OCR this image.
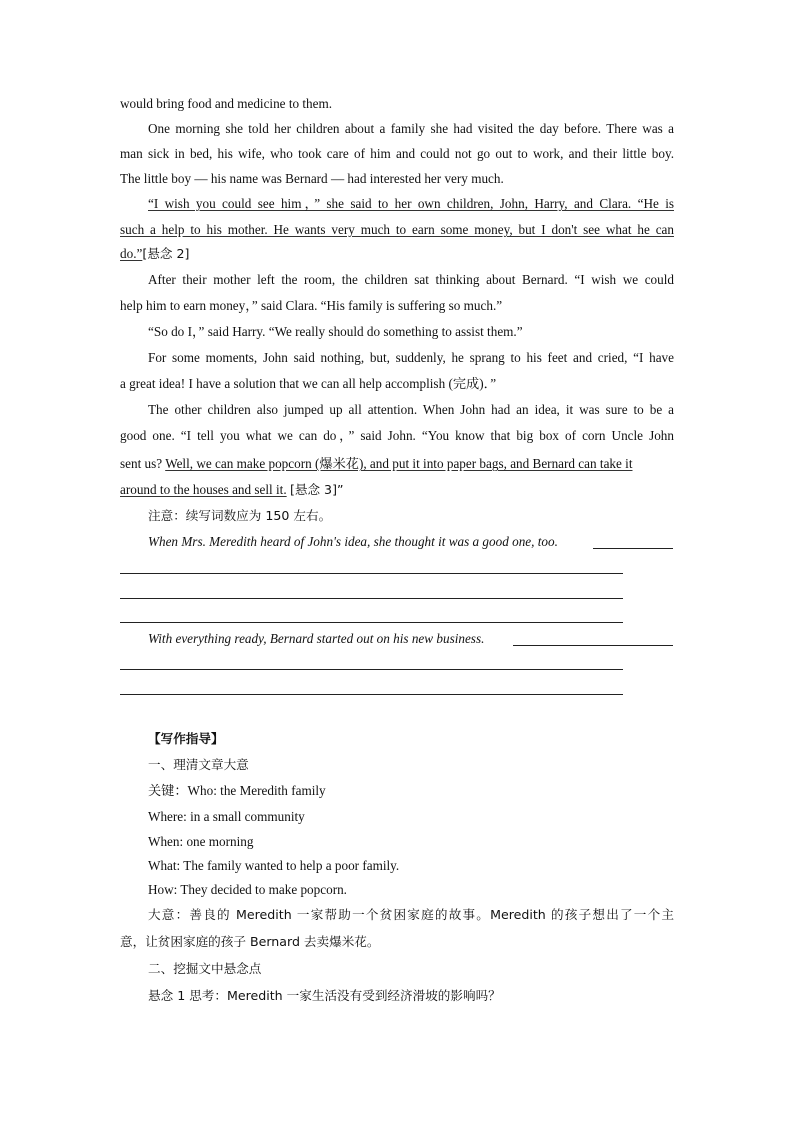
would bring food and medicine to them.
One morning she told her children about a family she had visited the day before. There was a
man sick in bed, his wife, who took care of him and could not go out to work, and their little boy.
The little boy — his name was Bernard — had interested her very much.
“I wish you could see him，” she said to her own children, John, Harry, and Clara. “He is
such a help to his mother. He wants very much to earn some money, but I don't see what he can
do.”[悬念 2]
After their mother left the room, the children sat thinking about Bernard. “I wish we could
help him to earn money，” said Clara. “His family is suffering so much.”
“So do I，” said Harry. “We really should do something to assist them.”
For some moments, John said nothing, but, suddenly, he sprang to his feet and cried, “I have
a great idea! I have a solution that we can all help accomplish (完成)．”
The other children also jumped up all attention. When John had an idea, it was sure to be a
good one. “I tell you what we can do，” said John. “You know that big box of corn Uncle John
sent us? Well, we can make popcorn (爆米花), and put it into paper bags, and Bernard can take it
around to the houses and sell it. [悬念 3]”
注意：续写词数应为 150 左右。
When Mrs. Meredith heard of John's idea, she thought it was a good one, too.
With everything ready, Bernard started out on his new business.
【写作指导】
一、理清文章大意
关键：Who: the Meredith family
Where: in a small community
When: one morning
What: The family wanted to help a poor family.
How: They decided to make popcorn.
大意：善良的 Meredith 一家帮助一个贫困家庭的故事。Meredith 的孩子想出了一个主
意，让贫困家庭的孩子 Bernard 去卖爆米花。
二、挖掘文中悬念点
悬念 1 思考：Meredith 一家生活没有受到经济滑坡的影响吗？
